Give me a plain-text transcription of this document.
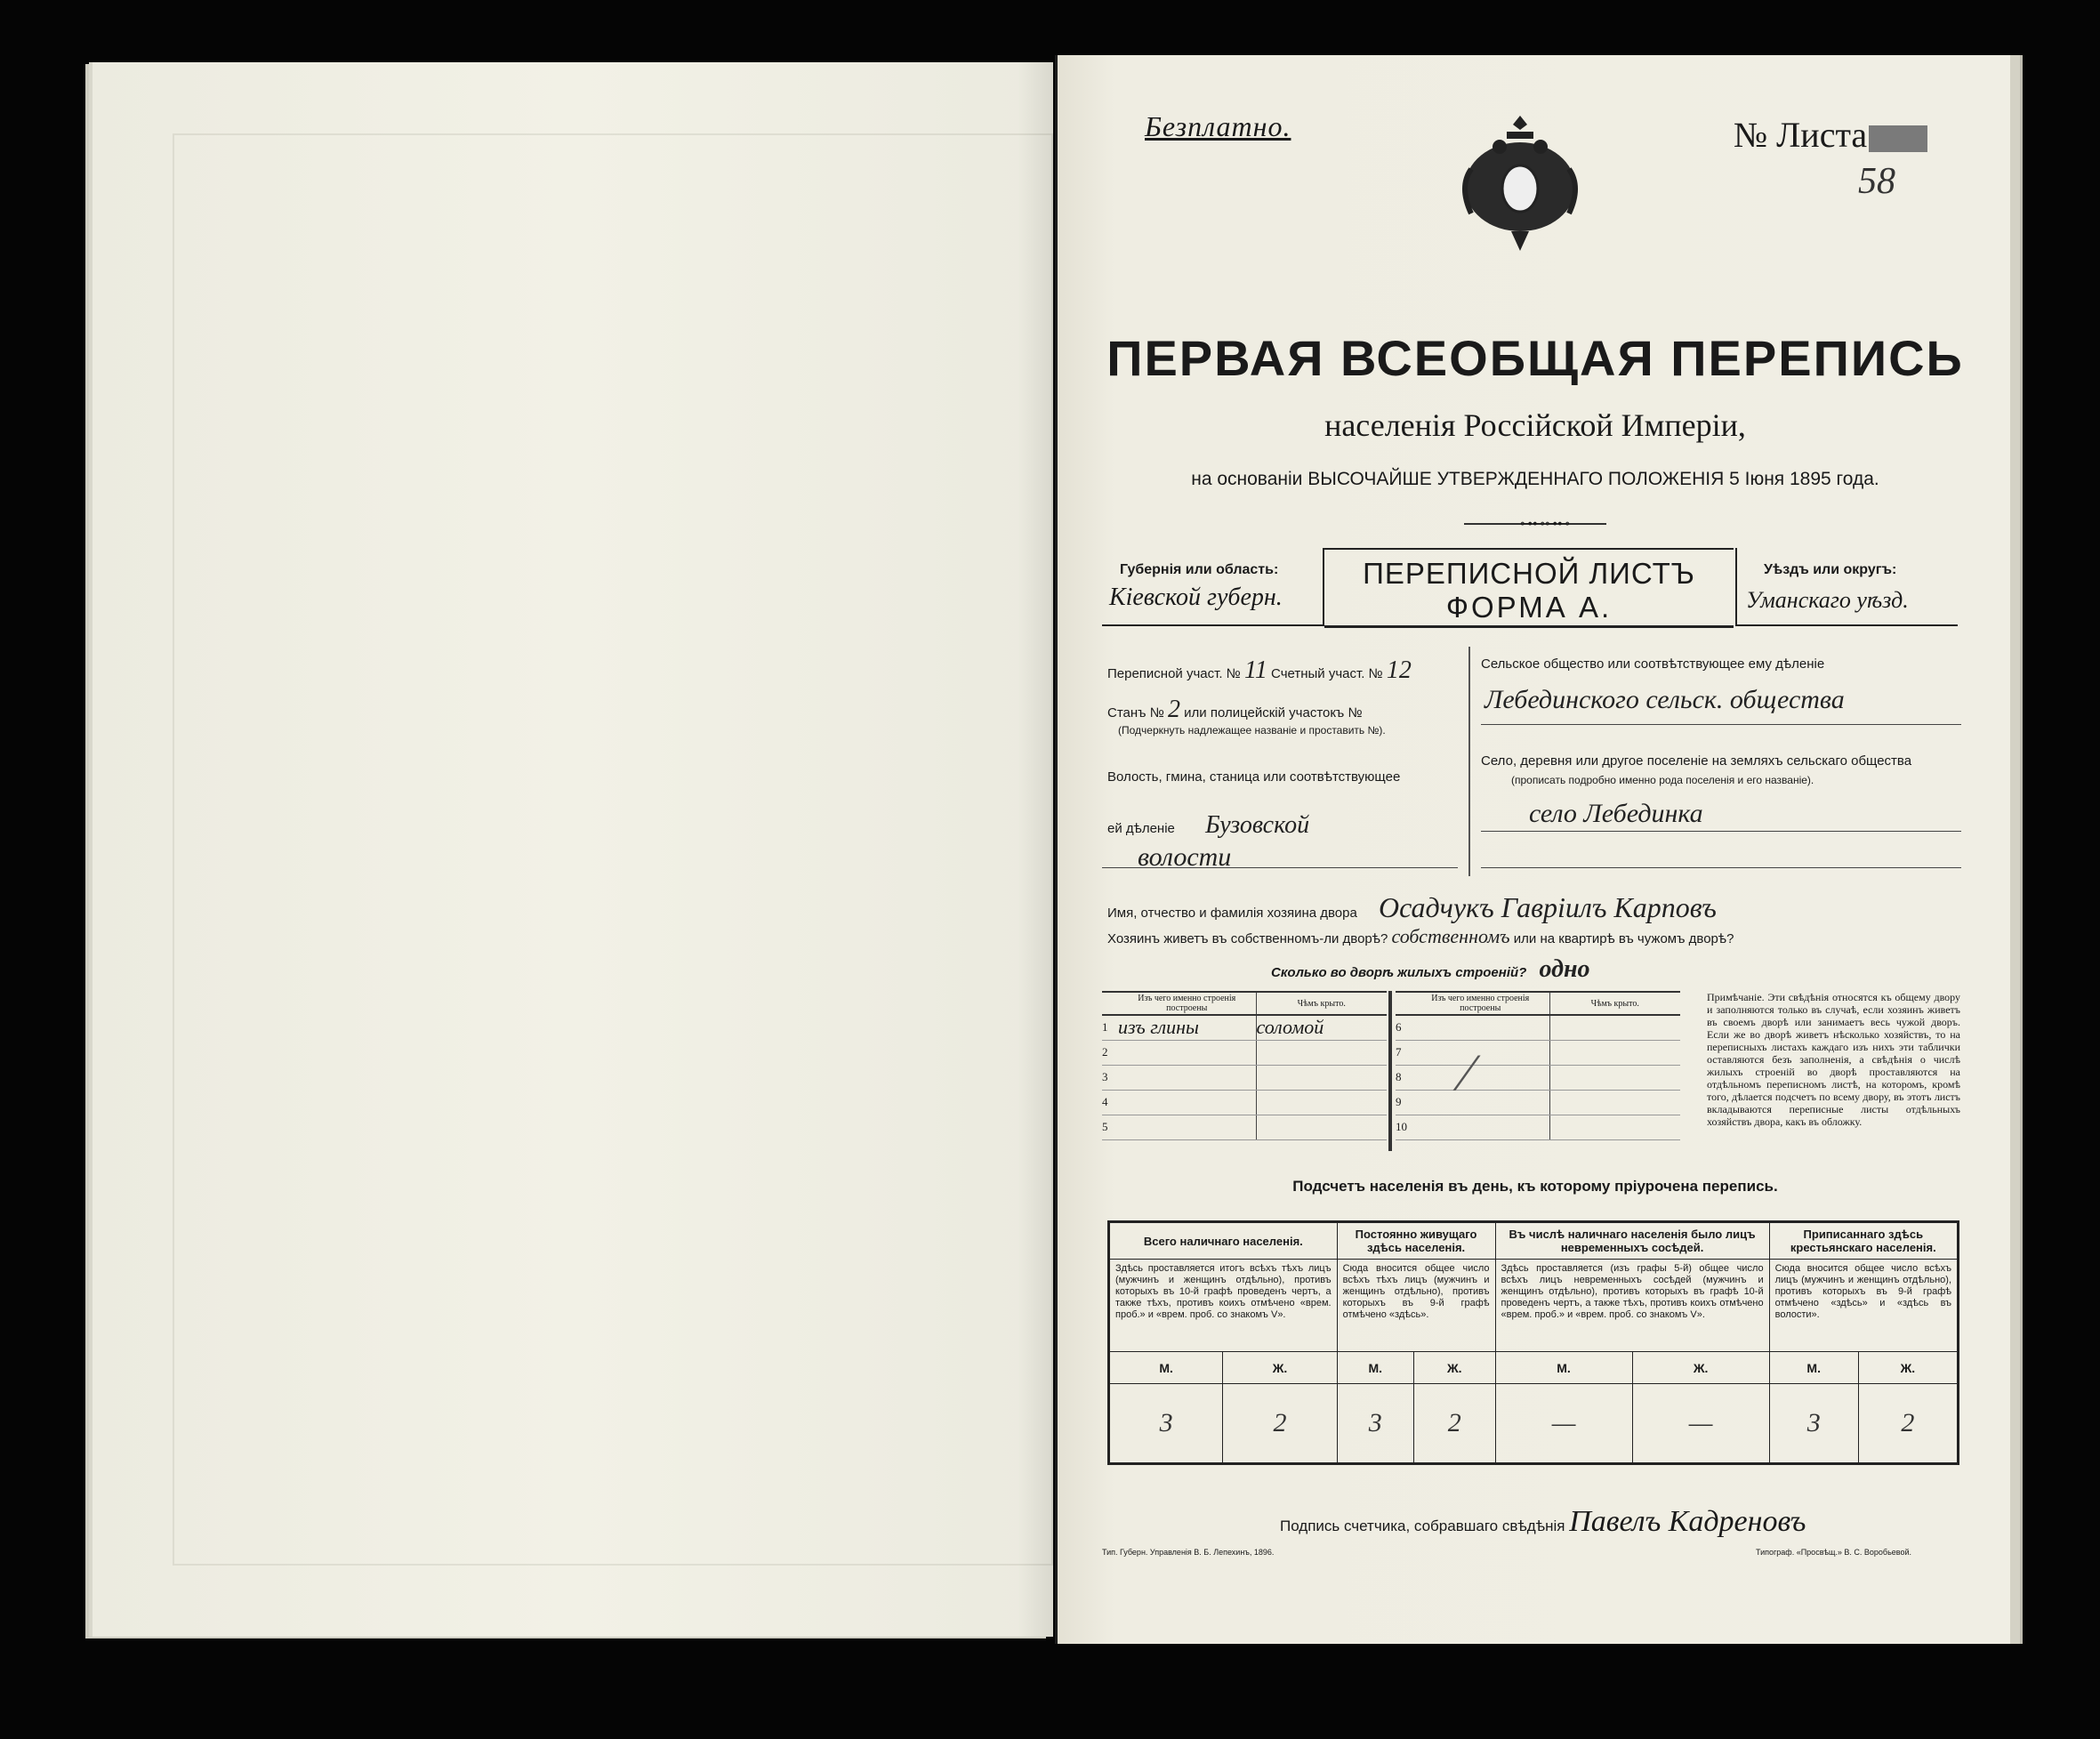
Безплатно.	№ Листа
58
ПЕРВАЯ ВСЕОБЩАЯ ПЕРЕПИСЬ
населенія Россійской Имперіи,
на основаніи ВЫСОЧАЙШЕ УТВЕРЖДЕННАГО ПОЛОЖЕНІЯ 5 Іюня 1895 года.
⊶⊷⊶⊷
Губернія или область:
Кіевской губерн.
ПЕРЕПИСНОЙ ЛИСТЪ
ФОРМА А.
Уѣздъ или округъ:
Уманскаго уѣзд.
Переписной участ. № 11 Счетный участ. № 12
Станъ № 2 или полицейскій участокъ №
(Подчеркнуть надлежащее названіе и проставить №).
Волость, гмина, станица или соотвѣтствующее
ей дѣленіе Бузовской
волости
Сельское общество или соотвѣтствующее ему дѣленіе
Лебединского сельск. общества
Село, деревня или другое поселеніе на земляхъ сельскаго общества
(прописать подробно именно рода поселенія и его названіе).
село Лебединка
Имя, отчество и фамилія хозяина двора Осадчукъ Гавріилъ Карповъ
Хозяинъ живетъ въ собственномъ-ли дворѣ? собственномъ или на квартирѣ въ чужомъ дворѣ?
Сколько во дворѣ жилыхъ строеній? одно
	Изъ чего именно строенія построены	Чѣмъ крыто.
1	изъ глины	соломой
2		
3		
4		
5		
	Изъ чего именно строенія построены	Чѣмъ крыто.
6		
7		
8		
9		
10		
⁄
Примѣчаніе. Эти свѣдѣнія относятся къ общему двору и заполняются только въ случаѣ, если хозяинъ живетъ въ своемъ дворѣ или занимаетъ весь чужой дворъ. Если же во дворѣ живетъ нѣсколько хозяйствъ, то на переписныхъ листахъ каждаго изъ нихъ эти таблички оставляются безъ заполненія, а свѣдѣнія о числѣ жилыхъ строеній во дворѣ проставляются на отдѣльномъ переписномъ листѣ, на которомъ, кромѣ того, дѣлается подсчетъ по всему двору, въ этотъ листъ вкладываются переписные листы отдѣльныхъ хозяйствъ двора, какъ въ обложку.
Подсчетъ населенія въ день, къ которому пріурочена перепись.
Всего наличнаго населенія.		Постоянно живущаго здѣсь населенія.		Въ числѣ наличнаго населенія было лицъ невременныхъ сосѣдей.		Приписаннаго здѣсь крестьянскаго населенія.	
Здѣсь проставляется итогъ всѣхъ тѣхъ лицъ (мужчинъ и женщинъ отдѣльно), противъ которыхъ въ 10-й графѣ проведенъ чертъ, а также тѣхъ, противъ коихъ отмѣчено «врем. проб.» и «врем. проб. со знакомъ V».		Сюда вносится общее число всѣхъ тѣхъ лицъ (мужчинъ и женщинъ отдѣльно), противъ которыхъ въ 9-й графѣ отмѣчено «здѣсь».		Здѣсь проставляется (изъ графы 5-й) общее число всѣхъ лицъ невременныхъ сосѣдей (мужчинъ и женщинъ отдѣльно), противъ которыхъ въ графѣ 10-й проведенъ чертъ, а также тѣхъ, противъ коихъ отмѣчено «врем. проб.» и «врем. проб. со знакомъ V».		Сюда вносится общее число всѣхъ лицъ (мужчинъ и женщинъ отдѣльно), противъ которыхъ въ 9-й графѣ отмѣчено «здѣсь» и «здѣсь въ волости».	
М.	Ж.	М.	Ж.	М.	Ж.	М.	Ж.
3	2	3	2	—	—	3	2
Подпись счетчика, собравшаго свѣдѣнія Павелъ Кадреновъ
Тип. Губерн. Управленія В. Б. Лепехинъ, 1896.	Типограф. «Просвѣщ.» В. С. Воробьевой.
